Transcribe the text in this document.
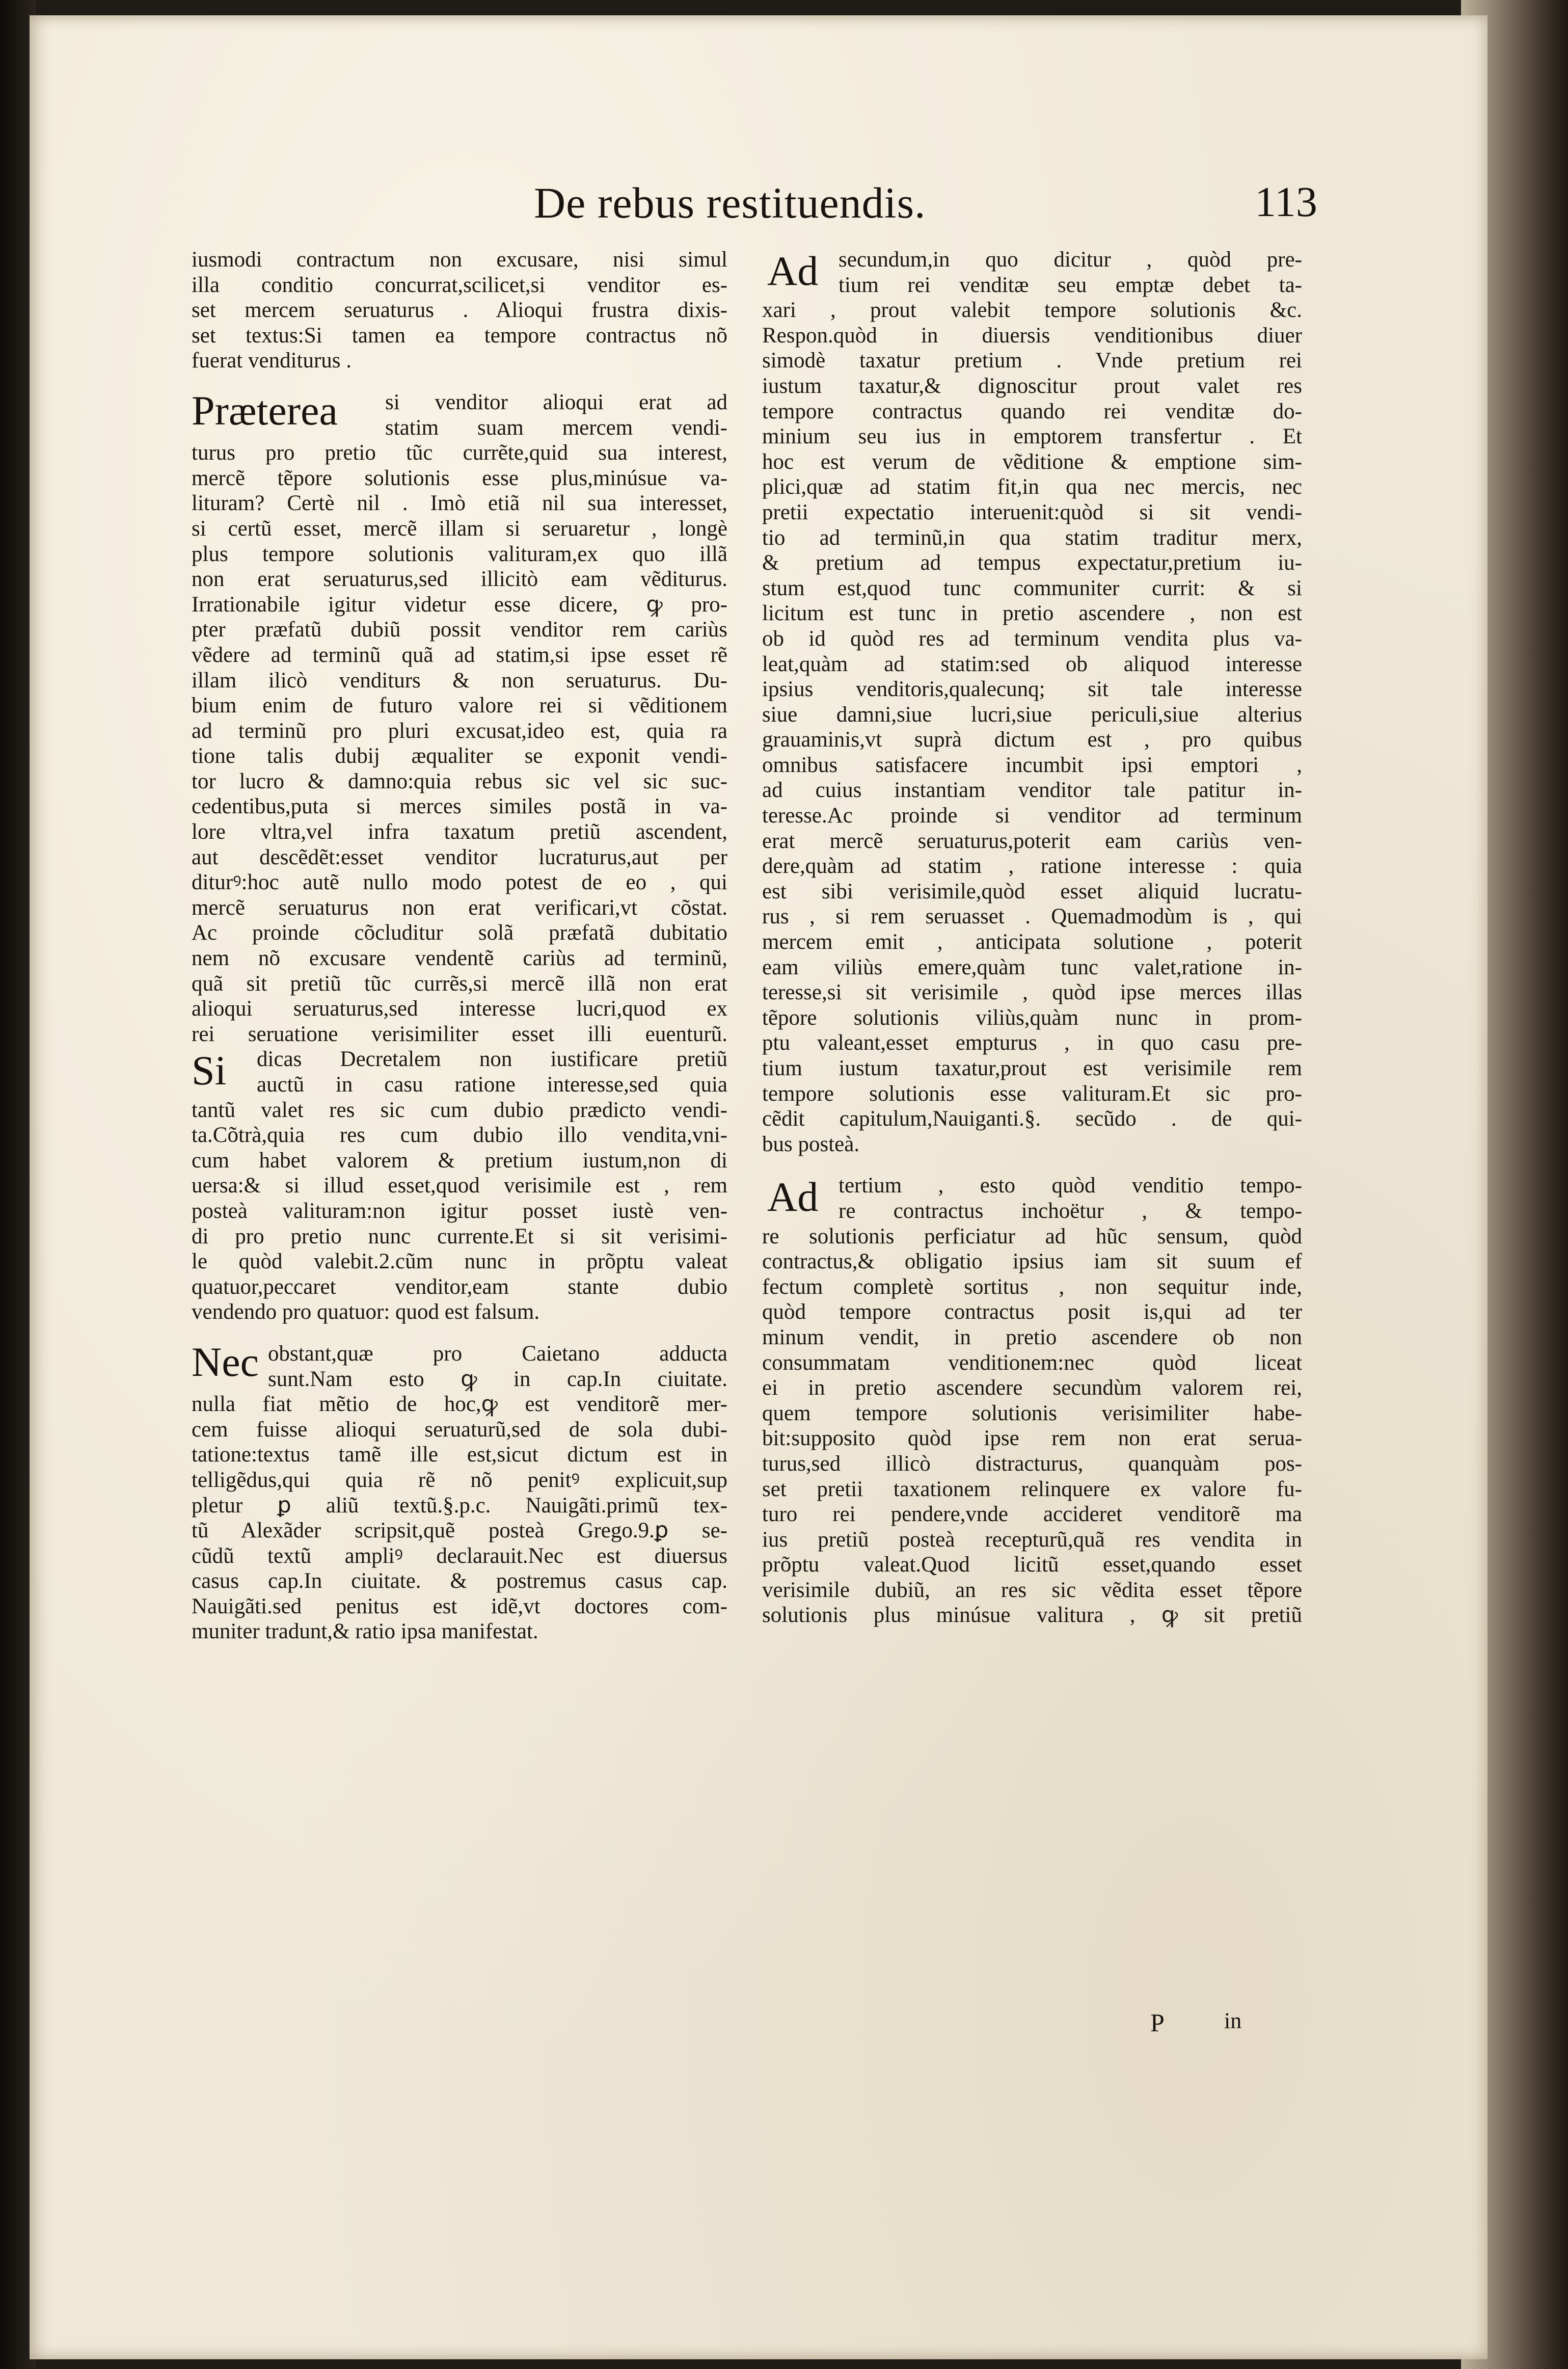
De rebus restituendis.	113
iusmodi contractum non excusare, nisi simul
illa conditio concurrat,scilicet,si venditor es-
set mercem seruaturus . Alioqui frustra dixis-
set textus:Si tamen ea tempore contractus nõ
fuerat venditurus .
Præterea	si venditor alioqui erat ad
statim suam mercem vendi-
turus pro pretio tũc currẽte,quid sua interest,
mercẽ tẽpore solutionis esse plus,minúsue va-
lituram? Certè nil . Imò etiã nil sua interesset,
si certũ esset, mercẽ illam si seruaretur , longè
plus tempore solutionis valituram,ex quo illã
non erat seruaturus,sed illicitò eam vẽditurus.
Irrationabile igitur videtur esse dicere, ꝙ pro-
pter præfatũ dubiũ possit venditor rem cariùs
vẽdere ad terminũ quã ad statim,si ipse esset rẽ
illam ilicò venditurs & non seruaturus. Du-
bium enim de futuro valore rei si vẽditionem
ad terminũ pro pluri excusat,ideo est, quia ra
tione talis dubij æqualiter se exponit vendi-
tor lucro & damno:quia rebus sic vel sic suc-
cedentibus,puta si merces similes postã in va-
lore vltra,vel infra taxatum pretiũ ascendent,
aut descẽdẽt:esset venditor lucraturus,aut per
diturꝰ:hoc autẽ nullo modo potest de eo , qui
mercẽ seruaturus non erat verificari,vt cõstat.
Ac proinde cõcluditur solã præfatã dubitatio
nem nõ excusare vendentẽ cariùs ad terminũ,
quã sit pretiũ tũc currẽs,si mercẽ illã non erat
alioqui seruaturus,sed interesse lucri,quod ex
rei seruatione verisimiliter esset illi euenturũ.
Si	dicas Decretalem non iustificare pretiũ
auctũ in casu ratione interesse,sed quia
tantũ valet res sic cum dubio prædicto vendi-
ta.Cõtrà,quia res cum dubio illo vendita,vni-
cum habet valorem & pretium iustum,non di
uersa:& si illud esset,quod verisimile est , rem
posteà valituram:non igitur posset iustè ven-
di pro pretio nunc currente.Et si sit verisimi-
le quòd valebit.2.cũm nunc in prõptu valeat
quatuor,peccaret venditor,eam stante dubio
vendendo pro quatuor: quod est falsum.
Nec obstant,quæ pro Caietano adducta
sunt.Nam esto ꝙ in cap.In ciuitate.
nulla fiat mẽtio de hoc,ꝙ est venditorẽ mer-
cem fuisse alioqui seruaturũ,sed de sola dubi-
tatione:textus tamẽ ille est,sicut dictum est in
telligẽdus,qui quia rẽ nõ penitꝰ explicuit,sup
pletur ꝑ aliũ textũ.§.p.c. Nauigãti.primũ tex-
tũ Alexãder scripsit,quẽ posteà Grego.9.ꝑ se-
cũdũ textũ ampliꝰ declarauit.Nec est diuersus
casus cap.In ciuitate. & postremus casus cap.
Nauigãti.sed penitus est idẽ,vt doctores com-
muniter tradunt,& ratio ipsa manifestat.
Ad secundum,in quo dicitur , quòd pre-
tium rei venditæ seu emptæ debet ta-
xari , prout valebit tempore solutionis &c.
Respon.quòd in diuersis venditionibus diuer
simodè taxatur pretium . Vnde pretium rei
iustum taxatur,& dignoscitur prout valet res
tempore contractus quando rei venditæ do-
minium seu ius in emptorem transfertur . Et
hoc est verum de vẽditione & emptione sim-
plici,quæ ad statim fit,in qua nec mercis, nec
pretii expectatio interuenit:quòd si sit vendi-
tio ad terminũ,in qua statim traditur merx,
& pretium ad tempus expectatur,pretium iu-
stum est,quod tunc communiter currit: & si
licitum est tunc in pretio ascendere , non est
ob id quòd res ad terminum vendita plus va-
leat,quàm ad statim:sed ob aliquod interesse
ipsius venditoris,qualecunq; sit tale interesse
siue damni,siue lucri,siue periculi,siue alterius
grauaminis,vt suprà dictum est , pro quibus
omnibus satisfacere incumbit ipsi emptori ,
ad cuius instantiam venditor tale patitur in-
teresse.Ac proinde si venditor ad terminum
erat mercẽ seruaturus,poterit eam cariùs ven-
dere,quàm ad statim , ratione interesse : quia
est sibi verisimile,quòd esset aliquid lucratu-
rus , si rem seruasset . Quemadmodùm is , qui
mercem emit , anticipata solutione , poterit
eam viliùs emere,quàm tunc valet,ratione in-
teresse,si sit verisimile , quòd ipse merces illas
tẽpore solutionis viliùs,quàm nunc in prom-
ptu valeant,esset empturus , in quo casu pre-
tium iustum taxatur,prout est verisimile rem
tempore solutionis esse valituram.Et sic pro-
cẽdit capitulum,Nauiganti.§. secũdo . de qui-
bus posteà.
Ad tertium , esto quòd venditio tempo-
re contractus inchoëtur , & tempo-
re solutionis perficiatur ad hũc sensum, quòd
contractus,& obligatio ipsius iam sit suum ef
fectum completè sortitus , non sequitur inde,
quòd tempore contractus posit is,qui ad ter
minum vendit, in pretio ascendere ob non
consummatam venditionem:nec quòd liceat
ei in pretio ascendere secundùm valorem rei,
quem tempore solutionis verisimiliter habe-
bit:supposito quòd ipse rem non erat serua-
turus,sed illicò distracturus, quanquàm pos-
set pretii taxationem relinquere ex valore fu-
turo rei pendere,vnde accideret venditorẽ ma
ius pretiũ posteà recepturũ,quã res vendita in
prõptu valeat.Quod licitũ esset,quando esset
verisimile dubiũ, an res sic vẽdita esset tẽpore
solutionis plus minúsue valitura , ꝙ sit pretiũ
P	in
